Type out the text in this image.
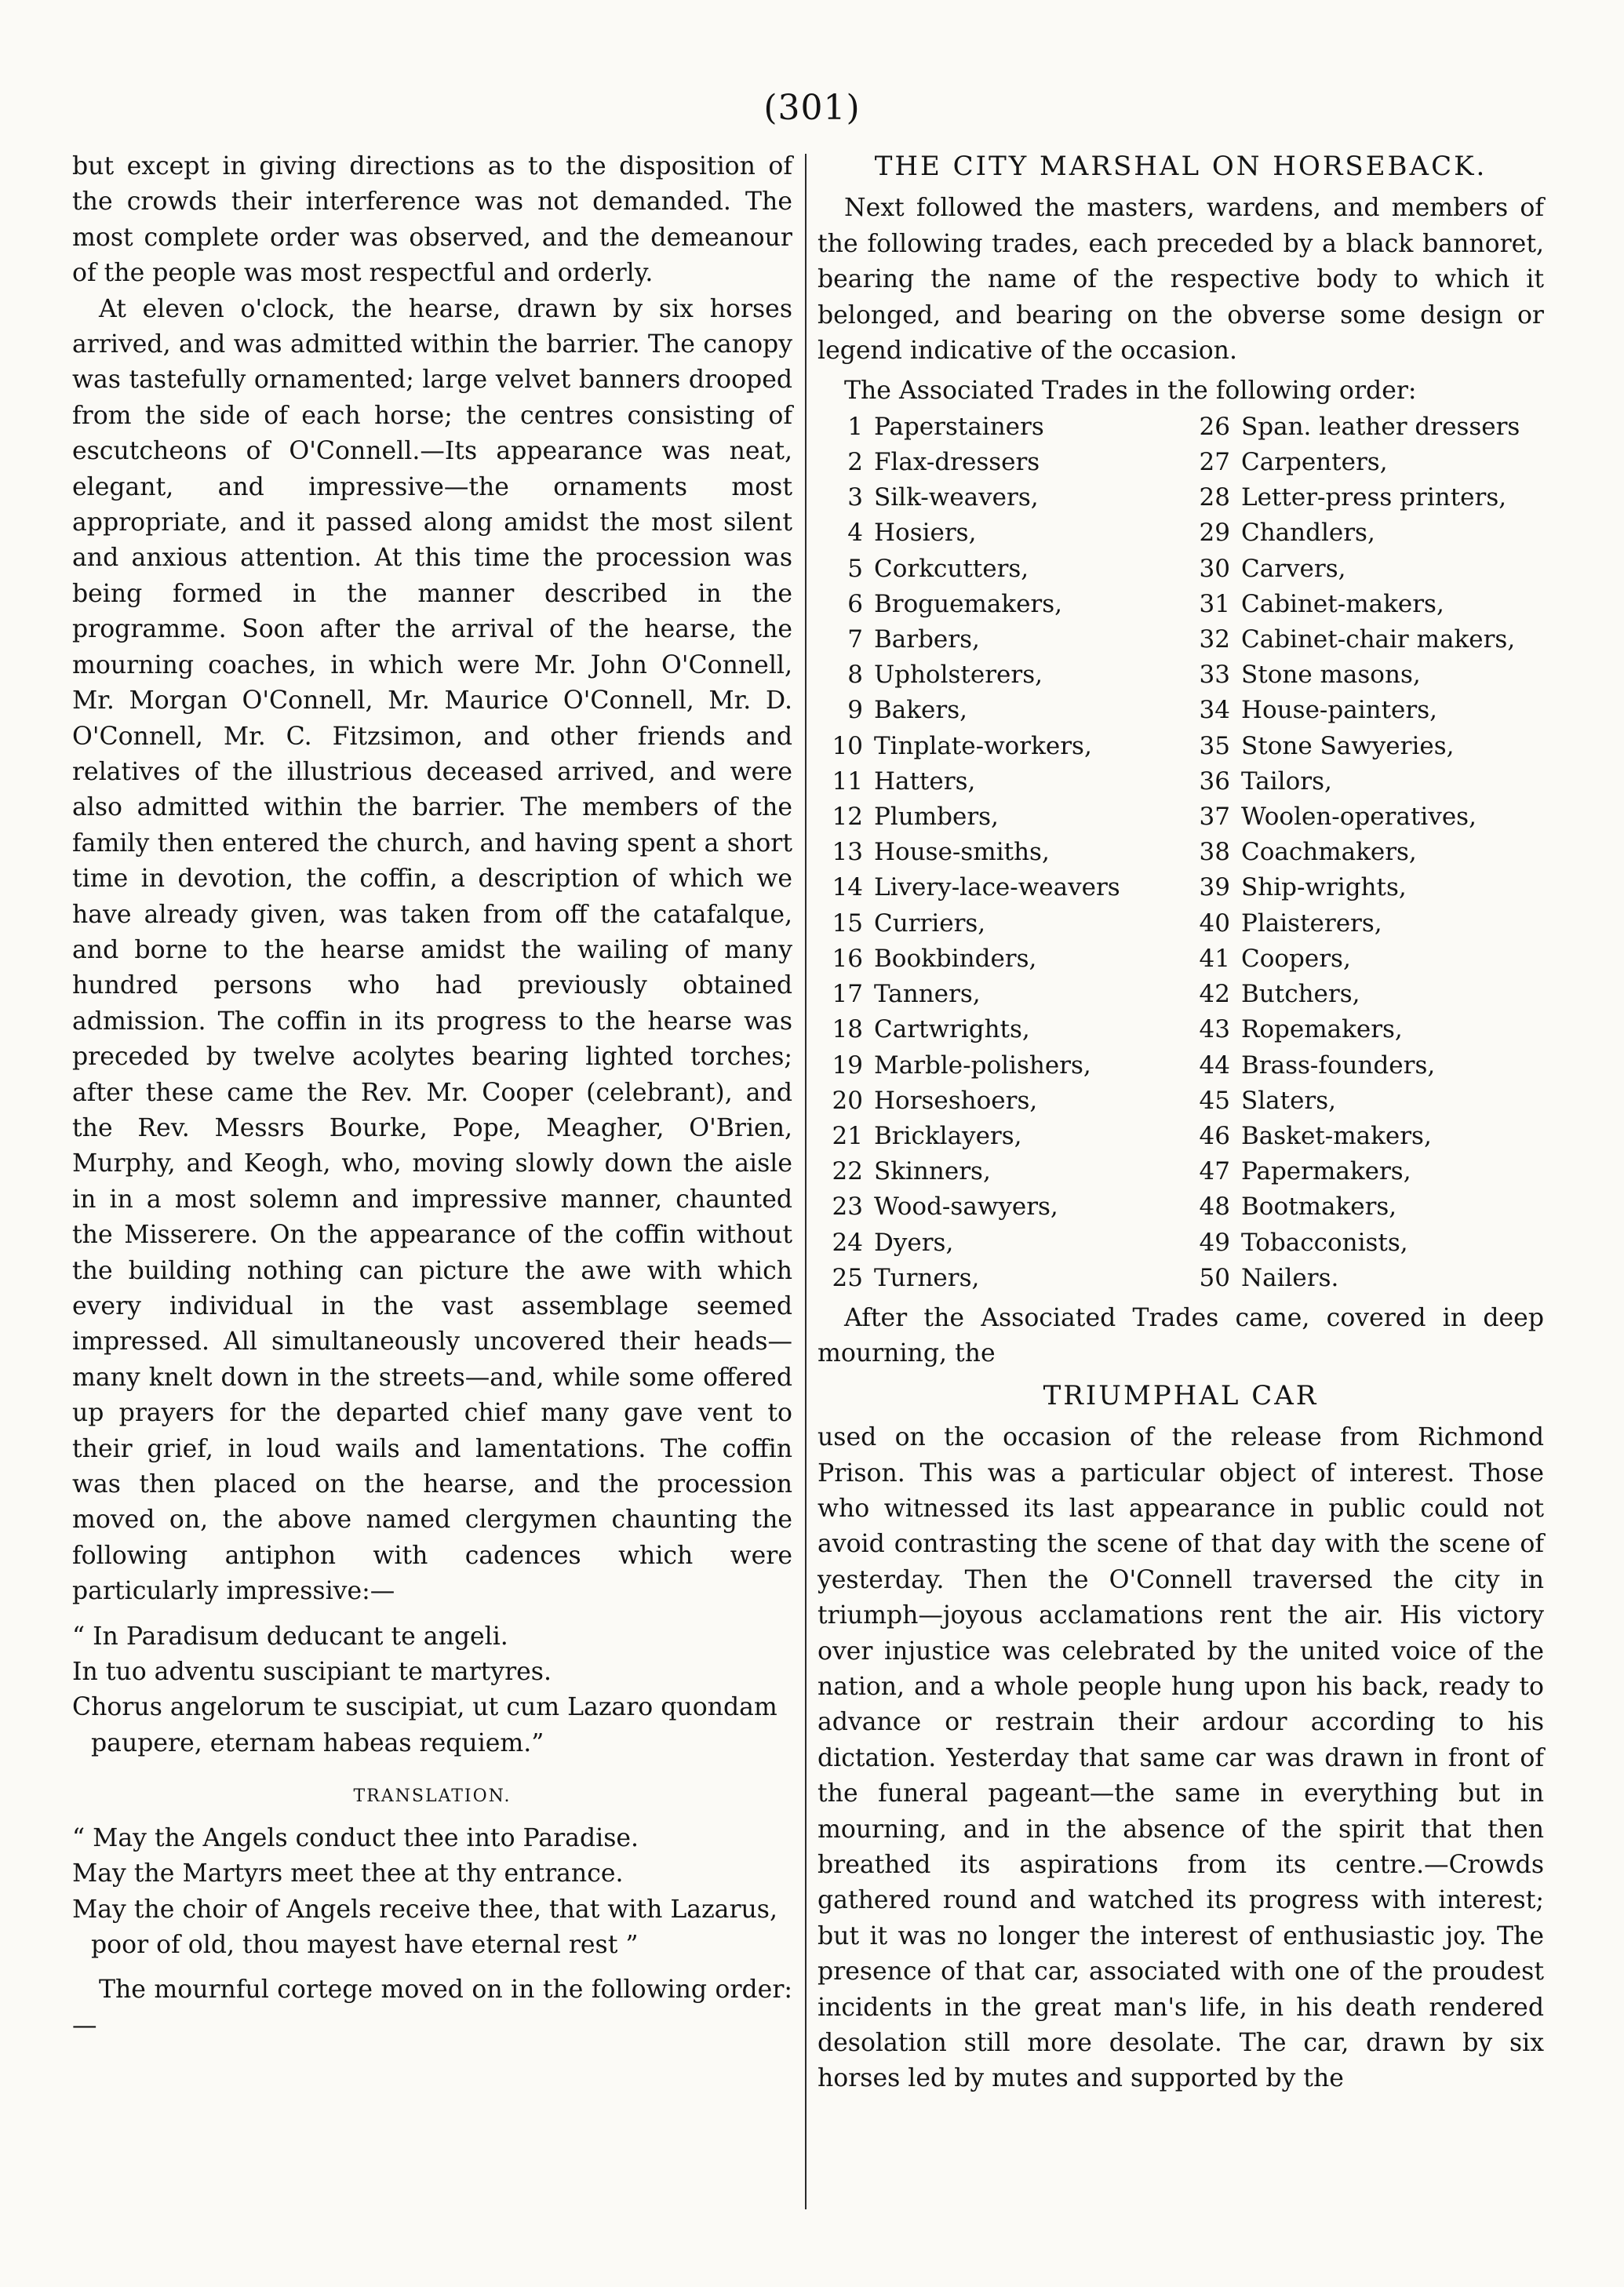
(301)

but except in giving directions as to the disposition of the crowds their interference was not demanded. The most complete order was observed, and the demeanour of the people was most respectful and orderly.

At eleven o'clock, the hearse, drawn by six horses arrived, and was admitted within the barrier. The canopy was tastefully ornamented; large velvet banners drooped from the side of each horse; the centres consisting of escutcheons of O'Connell.—Its appearance was neat, elegant, and impressive—the ornaments most appropriate, and it passed along amidst the most silent and anxious attention. At this time the procession was being formed in the manner described in the programme. Soon after the arrival of the hearse, the mourning coaches, in which were Mr. John O'Connell, Mr. Morgan O'Connell, Mr. Maurice O'Connell, Mr. D. O'Connell, Mr. C. Fitzsimon, and other friends and relatives of the illustrious deceased arrived, and were also admitted within the barrier. The members of the family then entered the church, and having spent a short time in devotion, the coffin, a description of which we have already given, was taken from off the catafalque, and borne to the hearse amidst the wailing of many hundred persons who had previously obtained admission. The coffin in its progress to the hearse was preceded by twelve acolytes bearing lighted torches; after these came the Rev. Mr. Cooper (celebrant), and the Rev. Messrs Bourke, Pope, Meagher, O'Brien, Murphy, and Keogh, who, moving slowly down the aisle in in a most solemn and impressive manner, chaunted the Misserere. On the appearance of the coffin without the building nothing can picture the awe with which every individual in the vast assemblage seemed impressed. All simultaneously uncovered their heads—many knelt down in the streets—and, while some offered up prayers for the departed chief many gave vent to their grief, in loud wails and lamentations. The coffin was then placed on the hearse, and the procession moved on, the above named clergymen chaunting the following antiphon with cadences which were particularly impressive:—

“ In Paradisum deducant te angeli.
In tuo adventu suscipiant te martyres.
Chorus angelorum te suscipiat, ut cum Lazaro quondam paupere, eternam habeas requiem.”
TRANSLATION.
“ May the Angels conduct thee into Paradise.
May the Martyrs meet thee at thy entrance.
May the choir of Angels receive thee, that with Lazarus, poor of old, thou mayest have eternal rest ”

The mournful cortege moved on in the following order:—

THE CITY MARSHAL ON HORSEBACK.

Next followed the masters, wardens, and members of the following trades, each preceded by a black bannoret, bearing the name of the respective body to which it belonged, and bearing on the obverse some design or legend indicative of the occasion.

The Associated Trades in the following order:

1 Paperstainers	26 Span. leather dressers
2 Flax-dressers	27 Carpenters,
3 Silk-weavers,	28 Letter-press printers,
4 Hosiers,	29 Chandlers,
5 Corkcutters,	30 Carvers,
6 Broguemakers,	31 Cabinet-makers,
7 Barbers,	32 Cabinet-chair makers,
8 Upholsterers,	33 Stone masons,
9 Bakers,	34 House-painters,
10 Tinplate-workers,	35 Stone Sawyeries,
11 Hatters,	36 Tailors,
12 Plumbers,	37 Woolen-operatives,
13 House-smiths,	38 Coachmakers,
14 Livery-lace-weavers	39 Ship-wrights,
15 Curriers,	40 Plaisterers,
16 Bookbinders,	41 Coopers,
17 Tanners,	42 Butchers,
18 Cartwrights,	43 Ropemakers,
19 Marble-polishers,	44 Brass-founders,
20 Horseshoers,	45 Slaters,
21 Bricklayers,	46 Basket-makers,
22 Skinners,	47 Papermakers,
23 Wood-sawyers,	48 Bootmakers,
24 Dyers,	49 Tobacconists,
25 Turners,	50 Nailers.

After the Associated Trades came, covered in deep mourning, the

TRIUMPHAL CAR

used on the occasion of the release from Richmond Prison. This was a particular object of interest. Those who witnessed its last appearance in public could not avoid contrasting the scene of that day with the scene of yesterday. Then the O'Connell traversed the city in triumph—joyous acclamations rent the air. His victory over injustice was celebrated by the united voice of the nation, and a whole people hung upon his back, ready to advance or restrain their ardour according to his dictation. Yesterday that same car was drawn in front of the funeral pageant—the same in everything but in mourning, and in the absence of the spirit that then breathed its aspirations from its centre.—Crowds gathered round and watched its progress with interest; but it was no longer the interest of enthusiastic joy. The presence of that car, associated with one of the proudest incidents in the great man's life, in his death rendered desolation still more desolate. The car, drawn by six horses led by mutes and supported by the
